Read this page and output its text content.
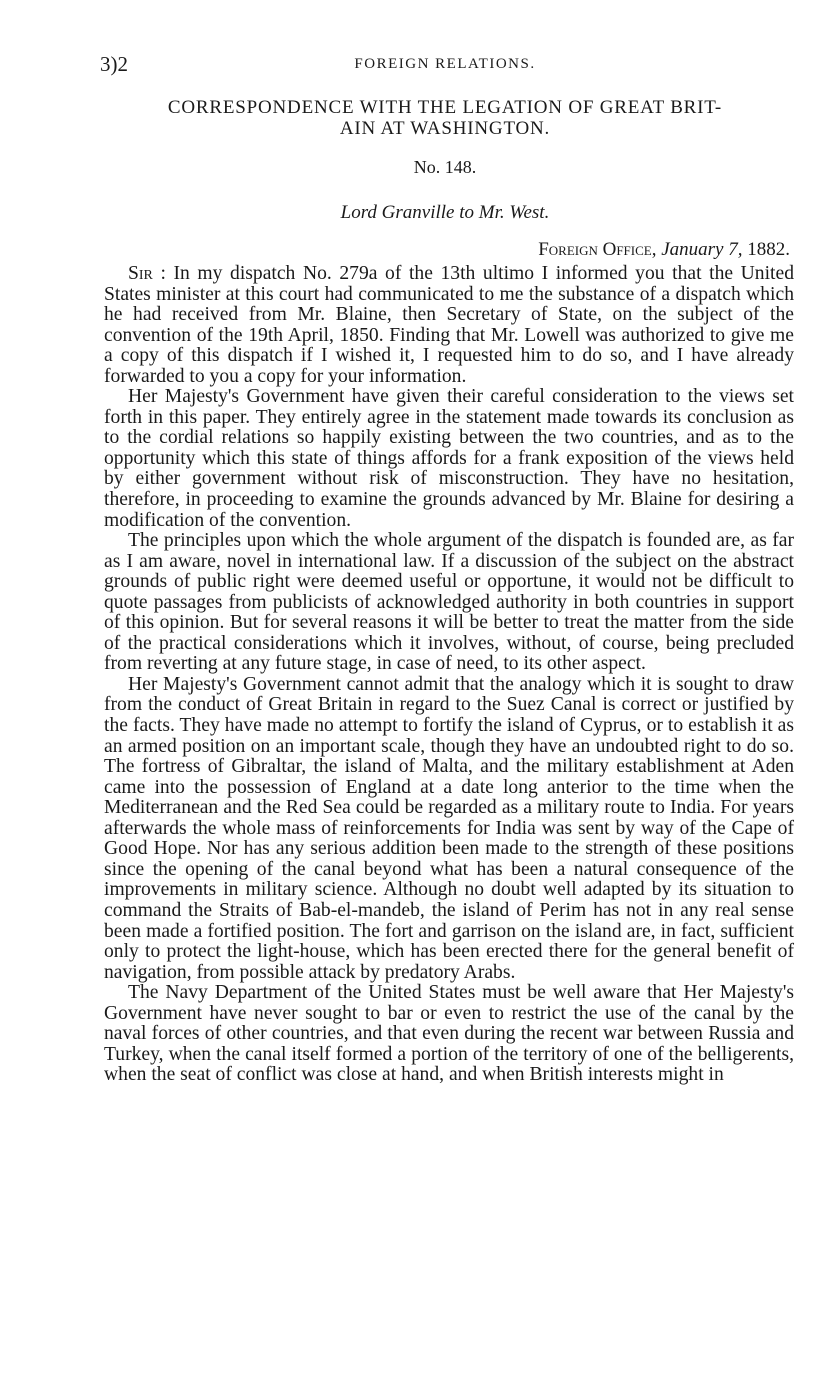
3)2	FOREIGN RELATIONS.
CORRESPONDENCE WITH THE LEGATION OF GREAT BRIT-
AIN AT WASHINGTON.
No. 148.
Lord Granville to Mr. West.
Foreign Office, January 7, 1882.

Sir : In my dispatch No. 279a of the 13th ultimo I informed you that the United States minister at this court had communicated to me the substance of a dispatch which he had received from Mr. Blaine, then Secretary of State, on the subject of the convention of the 19th April, 1850. Finding that Mr. Lowell was authorized to give me a copy of this dispatch if I wished it, I requested him to do so, and I have already forwarded to you a copy for your information.

Her Majesty's Government have given their careful consideration to the views set forth in this paper. They entirely agree in the statement made towards its conclusion as to the cordial relations so happily existing between the two countries, and as to the opportunity which this state of things affords for a frank exposition of the views held by either government without risk of misconstruction. They have no hesitation, therefore, in proceeding to examine the grounds advanced by Mr. Blaine for desiring a modification of the convention.

The principles upon which the whole argument of the dispatch is founded are, as far as I am aware, novel in international law. If a discussion of the subject on the abstract grounds of public right were deemed useful or opportune, it would not be difficult to quote passages from publicists of acknowledged authority in both countries in support of this opinion. But for several reasons it will be better to treat the matter from the side of the practical considerations which it involves, without, of course, being precluded from reverting at any future stage, in case of need, to its other aspect.

Her Majesty's Government cannot admit that the analogy which it is sought to draw from the conduct of Great Britain in regard to the Suez Canal is correct or justified by the facts. They have made no attempt to fortify the island of Cyprus, or to establish it as an armed position on an important scale, though they have an undoubted right to do so. The fortress of Gibraltar, the island of Malta, and the military establishment at Aden came into the possession of England at a date long anterior to the time when the Mediterranean and the Red Sea could be regarded as a military route to India. For years afterwards the whole mass of reinforcements for India was sent by way of the Cape of Good Hope. Nor has any serious addition been made to the strength of these positions since the opening of the canal beyond what has been a natural consequence of the improvements in military science. Although no doubt well adapted by its situation to command the Straits of Bab-el-mandeb, the island of Perim has not in any real sense been made a fortified position. The fort and garrison on the island are, in fact, sufficient only to protect the light-house, which has been erected there for the general benefit of navigation, from possible attack by predatory Arabs.

The Navy Department of the United States must be well aware that Her Majesty's Government have never sought to bar or even to restrict the use of the canal by the naval forces of other countries, and that even during the recent war between Russia and Turkey, when the canal itself formed a portion of the territory of one of the belligerents, when the seat of conflict was close at hand, and when British interests might in
